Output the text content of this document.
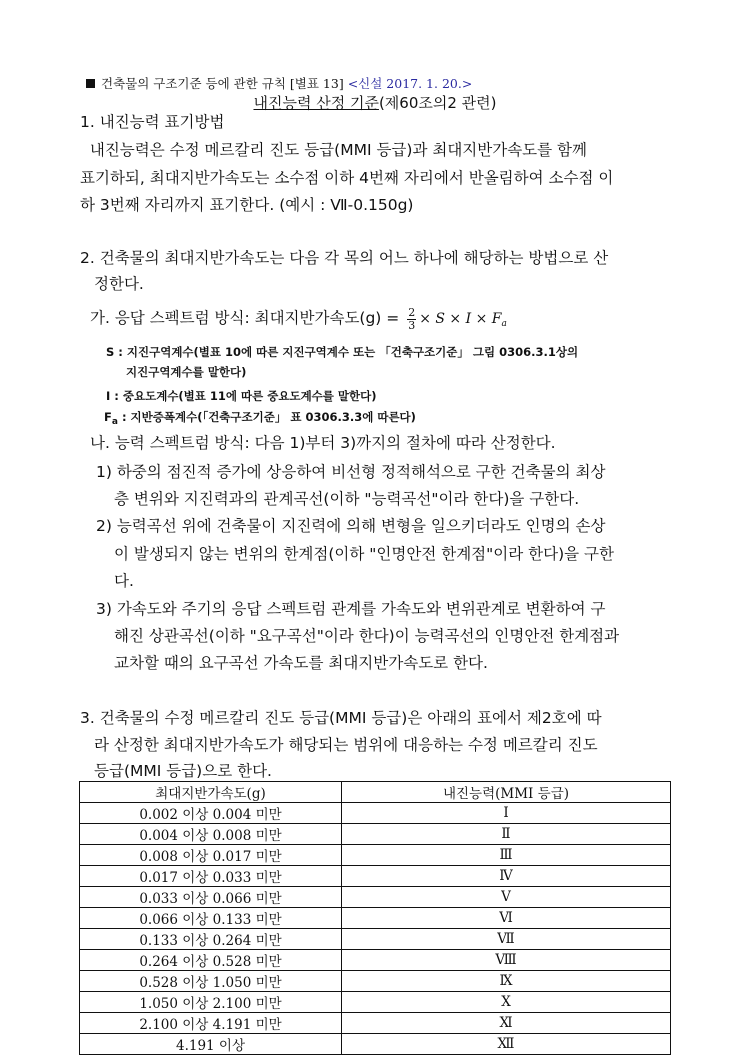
건축물의 구조기준 등에 관한 규칙 [별표 13] <신설 2017. 1. 20.>
내진능력 산정 기준(제60조의2 관련)
1. 내진능력 표기방법
내진능력은 수정 메르칼리 진도 등급(MMI 등급)과 최대지반가속도를 함께
표기하되, 최대지반가속도는 소수점 이하 4번째 자리에서 반올림하여 소수점 이
하 3번째 자리까지 표기한다. (예시 : Ⅶ-0.150g)
2. 건축물의 최대지반가속도는 다음 각 목의 어느 하나에 해당하는 방법으로 산
정한다.
가. 응답 스펙트럼 방식: 최대지반가속도$(g) = \frac{2}{3} \times S \times I \times F_a$
S : 지진구역계수(별표 10에 따른 지진구역계수 또는 「건축구조기준」 그림 0306.3.1상의
지진구역계수를 말한다)
I : 중요도계수(별표 11에 따른 중요도계수를 말한다)
$F_a$ : 지반증폭계수(「건축구조기준」 표 0306.3.3에 따른다)
나. 능력 스펙트럼 방식: 다음 1)부터 3)까지의 절차에 따라 산정한다.
1) 하중의 점진적 증가에 상응하여 비선형 정적해석으로 구한 건축물의 최상
층 변위와 지진력과의 관계곡선(이하 "능력곡선"이라 한다)을 구한다.
2) 능력곡선 위에 건축물이 지진력에 의해 변형을 일으키더라도 인명의 손상
이 발생되지 않는 변위의 한계점(이하 "인명안전 한계점"이라 한다)을 구한
다.
3) 가속도와 주기의 응답 스펙트럼 관계를 가속도와 변위관계로 변환하여 구
해진 상관곡선(이하 "요구곡선"이라 한다)이 능력곡선의 인명안전 한계점과
교차할 때의 요구곡선 가속도를 최대지반가속도로 한다.
3. 건축물의 수정 메르칼리 진도 등급(MMI 등급)은 아래의 표에서 제2호에 따
라 산정한 최대지반가속도가 해당되는 범위에 대응하는 수정 메르칼리 진도
등급(MMI 등급)으로 한다.
최대지반가속도(g)	내진능력(MMI 등급)
0.002 이상 0.004 미만	Ⅰ
0.004 이상 0.008 미만	Ⅱ
0.008 이상 0.017 미만	Ⅲ
0.017 이상 0.033 미만	Ⅳ
0.033 이상 0.066 미만	Ⅴ
0.066 이상 0.133 미만	Ⅵ
0.133 이상 0.264 미만	Ⅶ
0.264 이상 0.528 미만	Ⅷ
0.528 이상 1.050 미만	Ⅸ
1.050 이상 2.100 미만	Ⅹ
2.100 이상 4.191 미만	Ⅺ
4.191 이상	Ⅻ
